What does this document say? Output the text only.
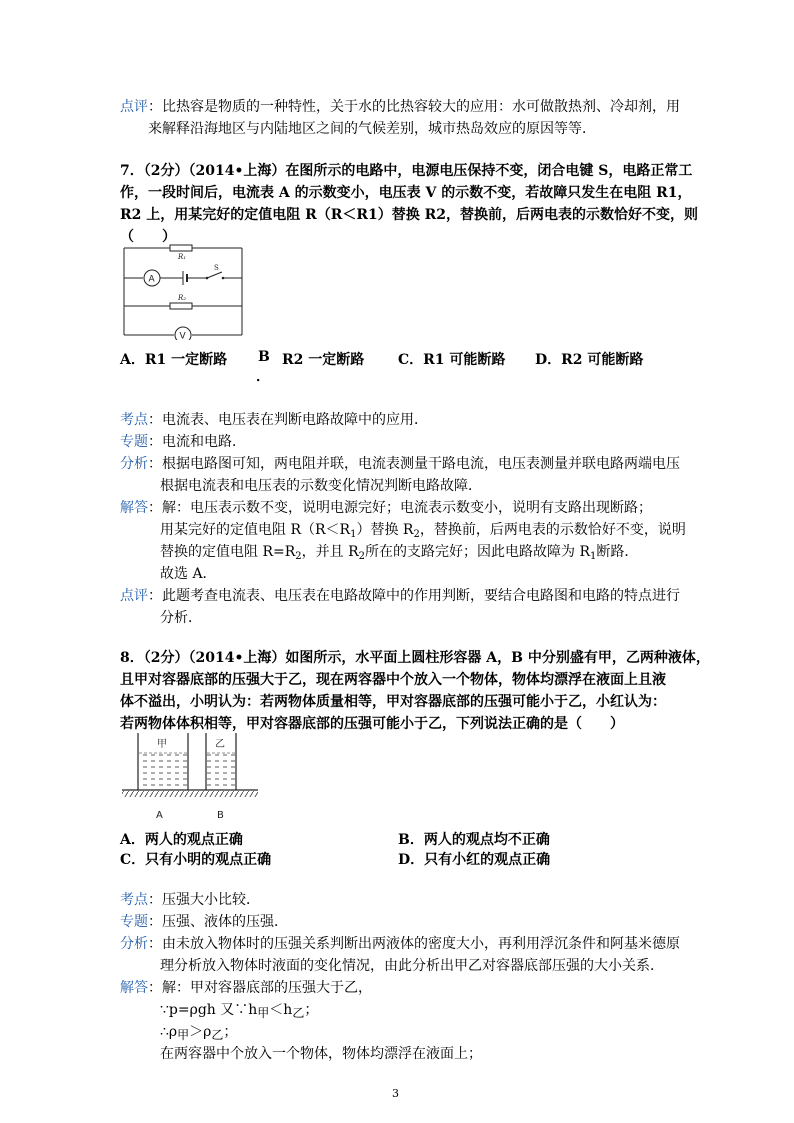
点评：比热容是物质的一种特性，关于水的比热容较大的应用：水可做散热剂、冷却剂，用
来解释沿海地区与内陆地区之间的气候差别，城市热岛效应的原因等等．
7．（2分）（2014•上海）在图所示的电路中，电源电压保持不变，闭合电键 S，电路正常工
作，一段时间后，电流表 A 的示数变小，电压表 V 的示数不变，若故障只发生在电阻 R1，
R2 上，用某完好的定值电阻 R（R＜R1）替换 R2，替换前，后两电表的示数恰好不变，则
（　　）
R₁
A
S
R₂
V
A．R1 一定断路 B R2 一定断路
．
C．R1 可能断路 D．R2 可能断路
考点：电流表、电压表在判断电路故障中的应用．
专题：电流和电路．
分析：根据电路图可知，两电阻并联，电流表测量干路电流，电压表测量并联电路两端电压
根据电流表和电压表的示数变化情况判断电路故障．
解答：解：电压表示数不变，说明电源完好；电流表示数变小，说明有支路出现断路；
用某完好的定值电阻 $R(R<R_1)$替换 $R_2$，替换前，后两电表的示数恰好不变，说明
替换的定值电阻 $R=R_2$，并且 $R_2$所在的支路完好；因此电路故障为 $R_1$断路．
故选 A．
点评：此题考查电流表、电压表在电路故障中的作用判断，要结合电路图和电路的特点进行
分析．
8．（2分）（2014•上海）如图所示，水平面上圆柱形容器 A，B 中分别盛有甲，乙两种液体，
且甲对容器底部的压强大于乙，现在两容器中个放入一个物体，物体均漂浮在液面上且液
体不溢出，小明认为：若两物体质量相等，甲对容器底部的压强可能小于乙，小红认为：
若两物体体积相等，甲对容器底部的压强可能小于乙，下列说法正确的是（　　）
甲	乙
A	B
A．两人的观点正确	B．两人的观点均不正确
C．只有小明的观点正确	D．只有小红的观点正确
考点：压强大小比较．
专题：压强、液体的压强．
分析：由未放入物体时的压强关系判断出两液体的密度大小，再利用浮沉条件和阿基米德原
理分析放入物体时液面的变化情况，由此分析出甲乙对容器底部压强的大小关系．
解答：解：甲对容器底部的压强大于乙，
∵p=ρgh 又$\because h_甲<h_乙$；
$\therefore\rho_甲>\rho_乙$；
在两容器中个放入一个物体，物体均漂浮在液面上；
3
